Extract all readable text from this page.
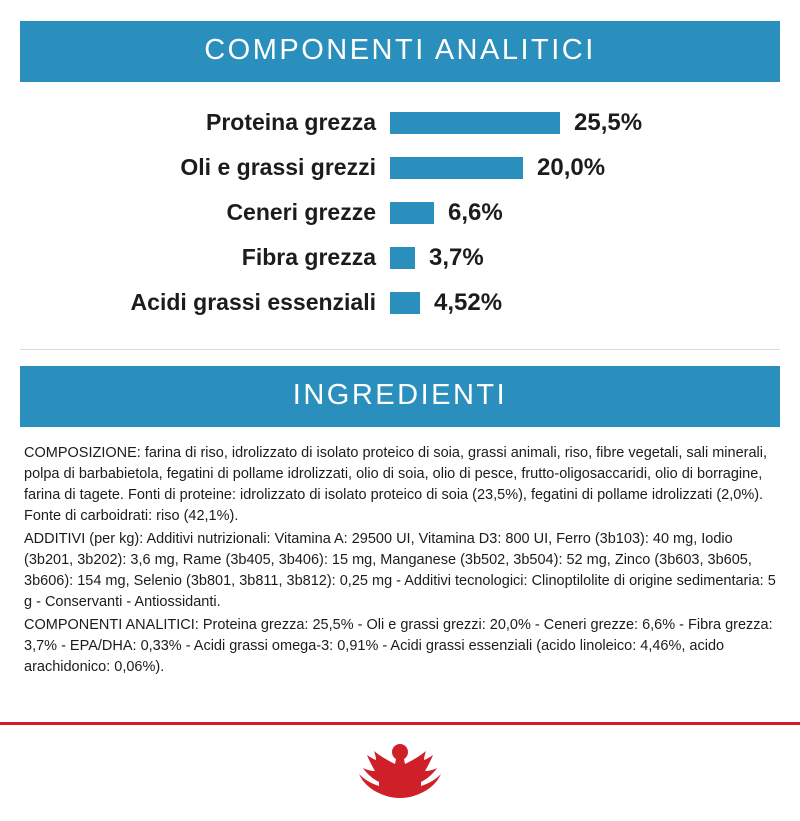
COMPONENTI ANALITICI
Proteina grezza	25,5%
Oli e grassi grezzi	20,0%
Ceneri grezze	6,6%
Fibra grezza	3,7%
Acidi grassi essenziali	4,52%
INGREDIENTI

COMPOSIZIONE: farina di riso, idrolizzato di isolato proteico di soia, grassi animali, riso, fibre vegetali, sali minerali, polpa di barbabietola, fegatini di pollame idrolizzati, olio di soia, olio di pesce, frutto-oligosaccaridi, olio di borragine, farina di tagete. Fonti di proteine: idrolizzato di isolato proteico di soia (23,5%), fegatini di pollame idrolizzati (2,0%). Fonte di carboidrati: riso (42,1%).

ADDITIVI (per kg): Additivi nutrizionali: Vitamina A: 29500 UI, Vitamina D3: 800 UI, Ferro (3b103): 40 mg, Iodio (3b201, 3b202): 3,6 mg, Rame (3b405, 3b406): 15 mg, Manganese (3b502, 3b504): 52 mg, Zinco (3b603, 3b605, 3b606): 154 mg, Selenio (3b801, 3b811, 3b812): 0,25 mg - Additivi tecnologici: Clinoptilolite di origine sedimentaria: 5 g - Conservanti - Antiossidanti.

COMPONENTI ANALITICI: Proteina grezza: 25,5% - Oli e grassi grezzi: 20,0% - Ceneri grezze: 6,6% - Fibra grezza: 3,7% - EPA/DHA: 0,33% - Acidi grassi omega-3: 0,91% - Acidi grassi essenziali (acido linoleico: 4,46%, acido arachidonico: 0,06%).
